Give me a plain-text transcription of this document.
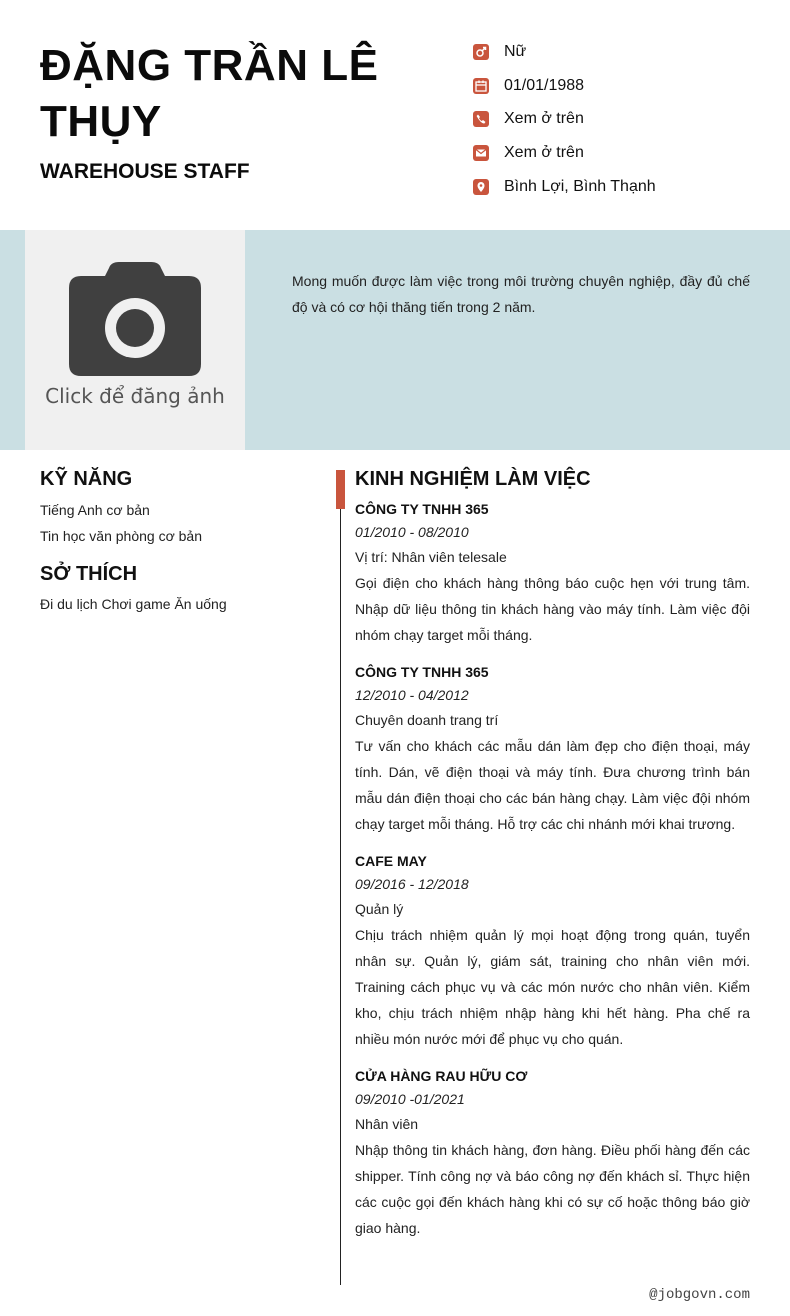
ĐẶNG TRẦN LÊ THỤY
WAREHOUSE STAFF
Nữ
01/01/1988
Xem ở trên
Xem ở trên
Bình Lợi, Bình Thạnh
Click để đăng ảnh
Mong muốn được làm việc trong môi trường chuyên nghiệp, đầy đủ chế độ và có cơ hội thăng tiến trong 2 năm.
KỸ NĂNG
Tiếng Anh cơ bản
Tin học văn phòng cơ bản
SỞ THÍCH
Đi du lịch Chơi game Ăn uống
KINH NGHIỆM LÀM VIỆC
CÔNG TY TNHH 365
01/2010 - 08/2010
Vị trí: Nhân viên telesale
Gọi điện cho khách hàng thông báo cuộc hẹn với trung tâm. Nhập dữ liệu thông tin khách hàng vào máy tính. Làm việc đội nhóm chạy target mỗi tháng.
CÔNG TY TNHH 365
12/2010 - 04/2012
Chuyên doanh trang trí
Tư vấn cho khách các mẫu dán làm đẹp cho điện thoại, máy tính. Dán, vẽ điện thoại và máy tính. Đưa chương trình bán mẫu dán điện thoại cho các bán hàng chạy. Làm việc đội nhóm chạy target mỗi tháng. Hỗ trợ các chi nhánh mới khai trương.
CAFE MAY
09/2016 - 12/2018
Quản lý
Chịu trách nhiệm quản lý mọi hoạt động trong quán, tuyển nhân sự. Quản lý, giám sát, training cho nhân viên mới. Training cách phục vụ và các món nước cho nhân viên. Kiểm kho, chịu trách nhiệm nhập hàng khi hết hàng. Pha chế ra nhiều món nước mới để phục vụ cho quán.
CỬA HÀNG RAU HỮU CƠ
09/2010 -01/2021
Nhân viên
Nhập thông tin khách hàng, đơn hàng. Điều phối hàng đến các shipper. Tính công nợ và báo công nợ đến khách sỉ. Thực hiện các cuộc gọi đến khách hàng khi có sự cố hoặc thông báo giờ giao hàng.
@jobgovn.com
